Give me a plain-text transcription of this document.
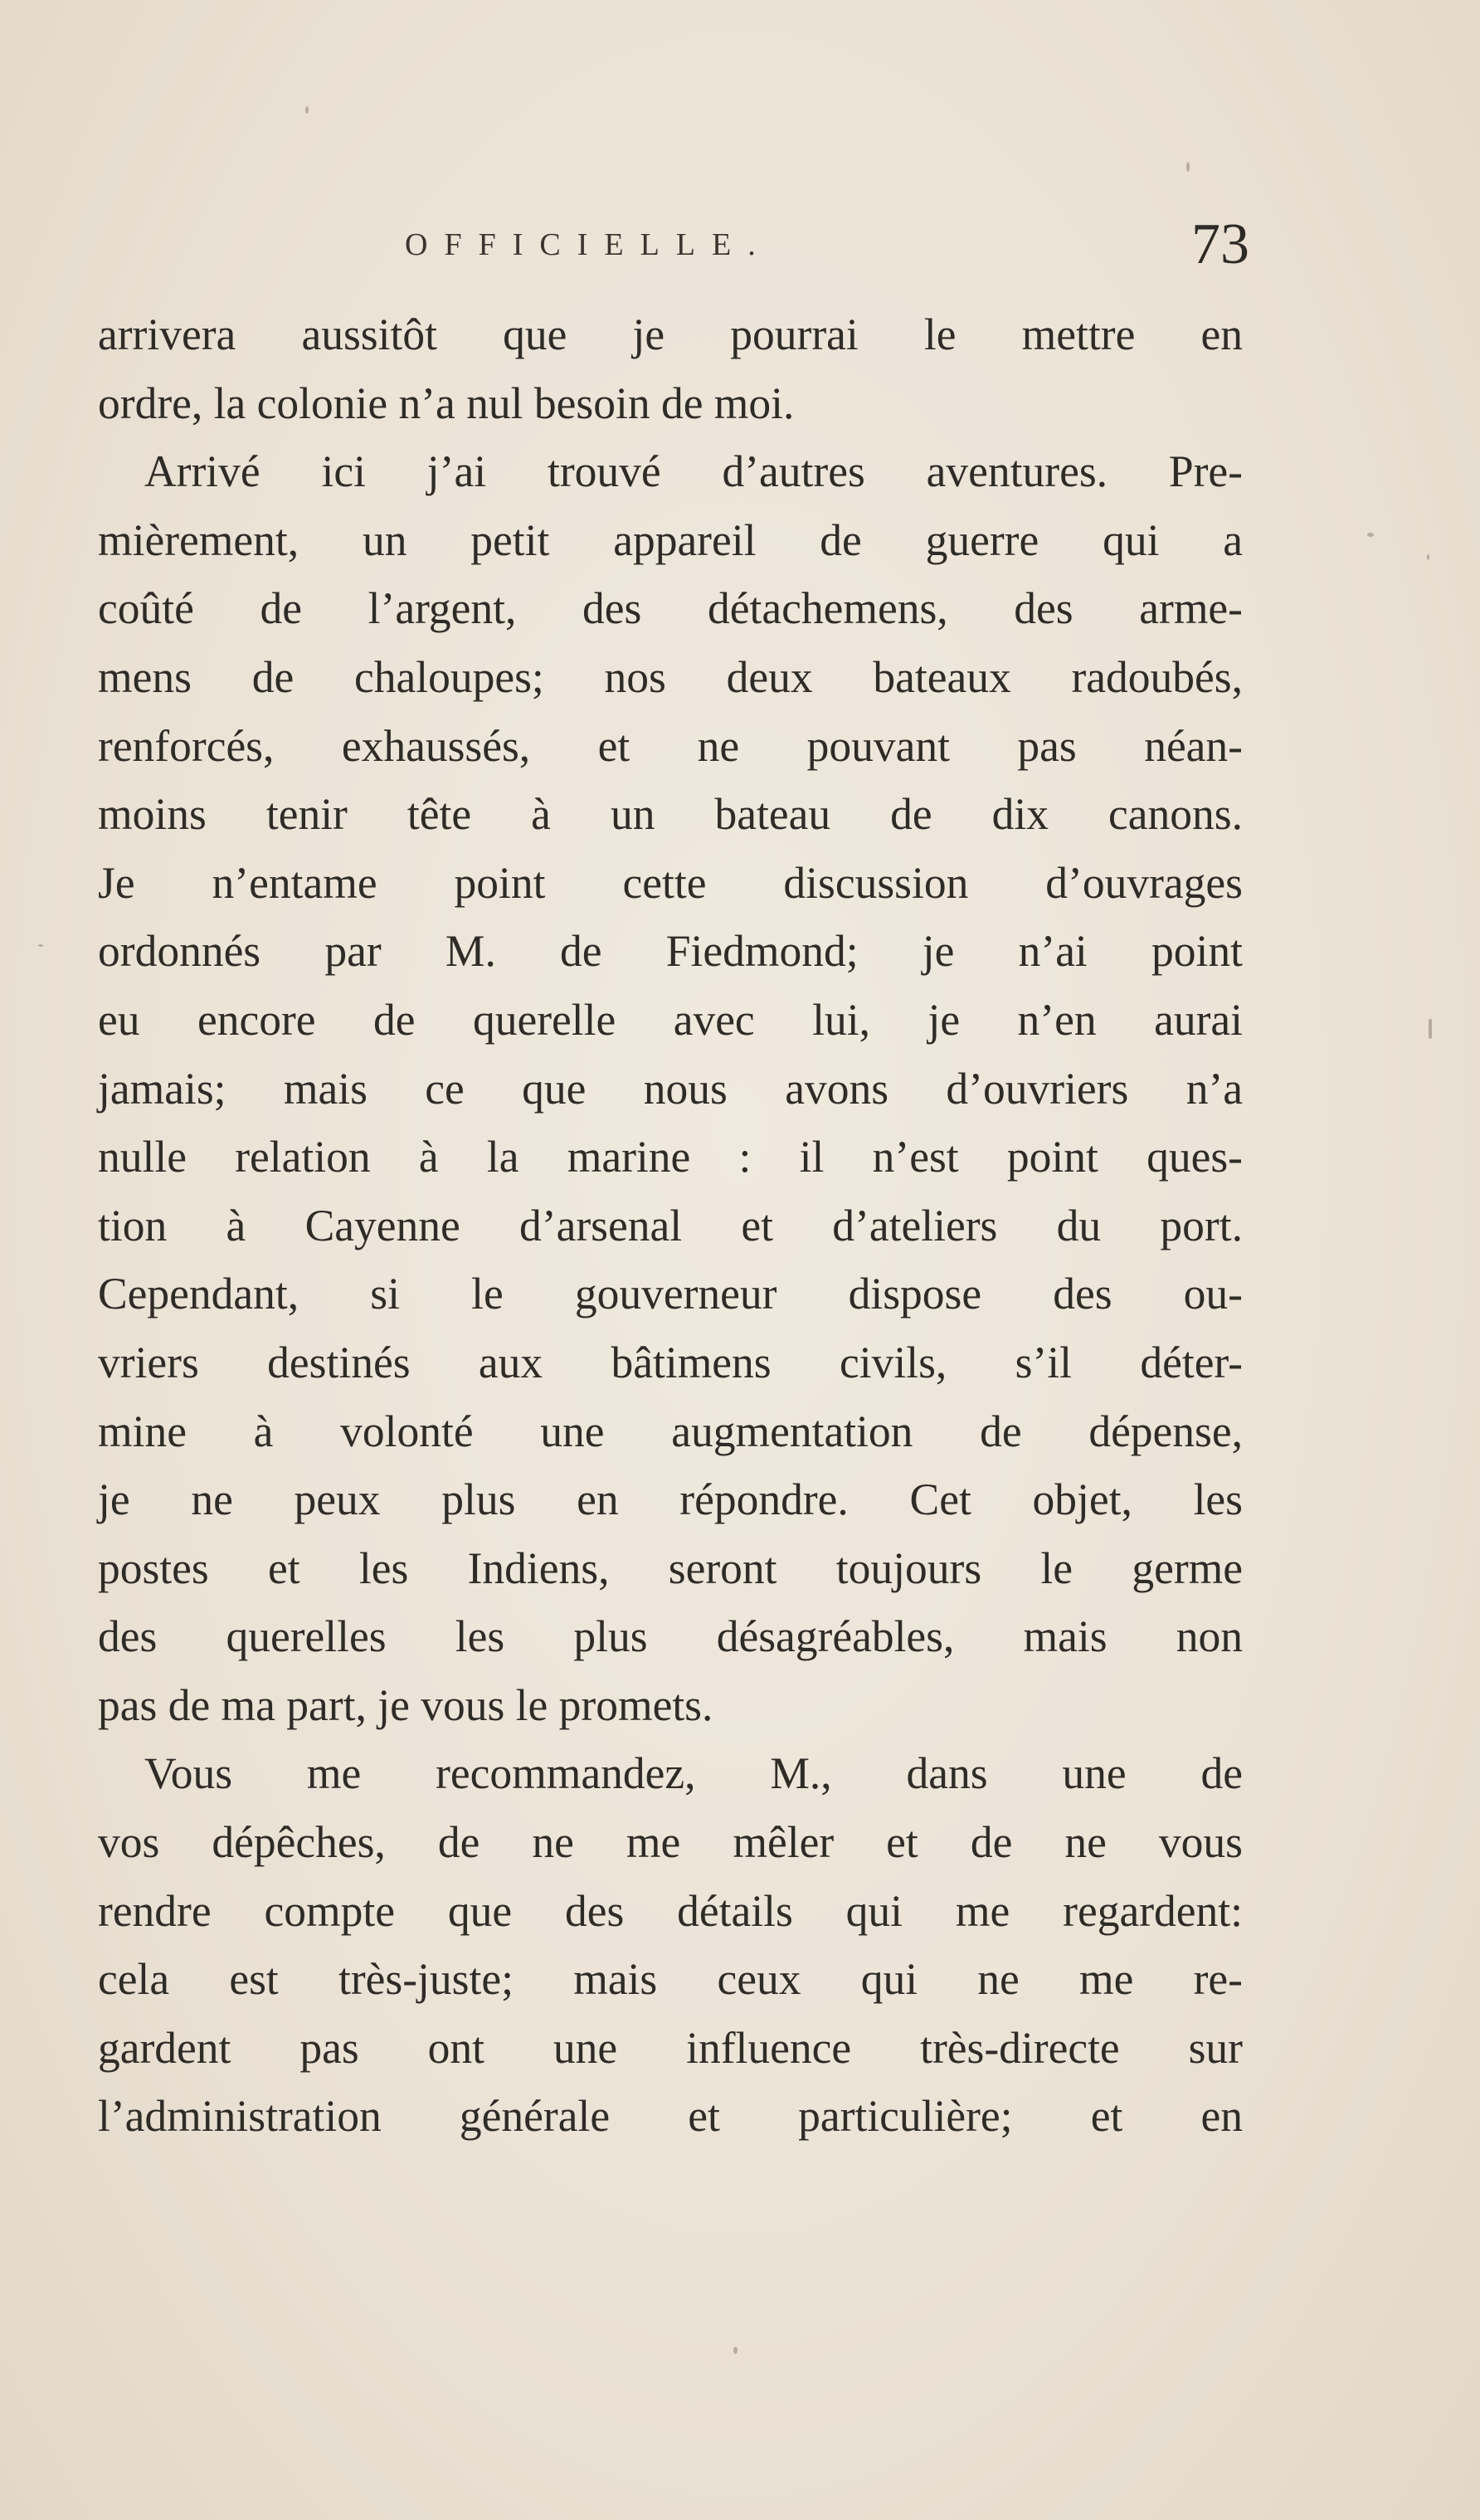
OFFICIELLE.	73
arrivera aussitôt que je pourrai le mettre en
ordre, la colonie n’a nul besoin de moi.
Arrivé ici j’ai trouvé d’autres aventures. Pre-
mièrement, un petit appareil de guerre qui a
coûté de l’argent, des détachemens, des arme-
mens de chaloupes; nos deux bateaux radoubés,
renforcés, exhaussés, et ne pouvant pas néan-
moins tenir tête à un bateau de dix canons.
Je n’entame point cette discussion d’ouvrages
ordonnés par M. de Fiedmond; je n’ai point
eu encore de querelle avec lui, je n’en aurai
jamais; mais ce que nous avons d’ouvriers n’a
nulle relation à la marine : il n’est point ques-
tion à Cayenne d’arsenal et d’ateliers du port.
Cependant, si le gouverneur dispose des ou-
vriers destinés aux bâtimens civils, s’il déter-
mine à volonté une augmentation de dépense,
je ne peux plus en répondre. Cet objet, les
postes et les Indiens, seront toujours le germe
des querelles les plus désagréables, mais non
pas de ma part, je vous le promets.
Vous me recommandez, M., dans une de
vos dépêches, de ne me mêler et de ne vous
rendre compte que des détails qui me regardent:
cela est très-juste; mais ceux qui ne me re-
gardent pas ont une influence très-directe sur
l’administration générale et particulière; et en
